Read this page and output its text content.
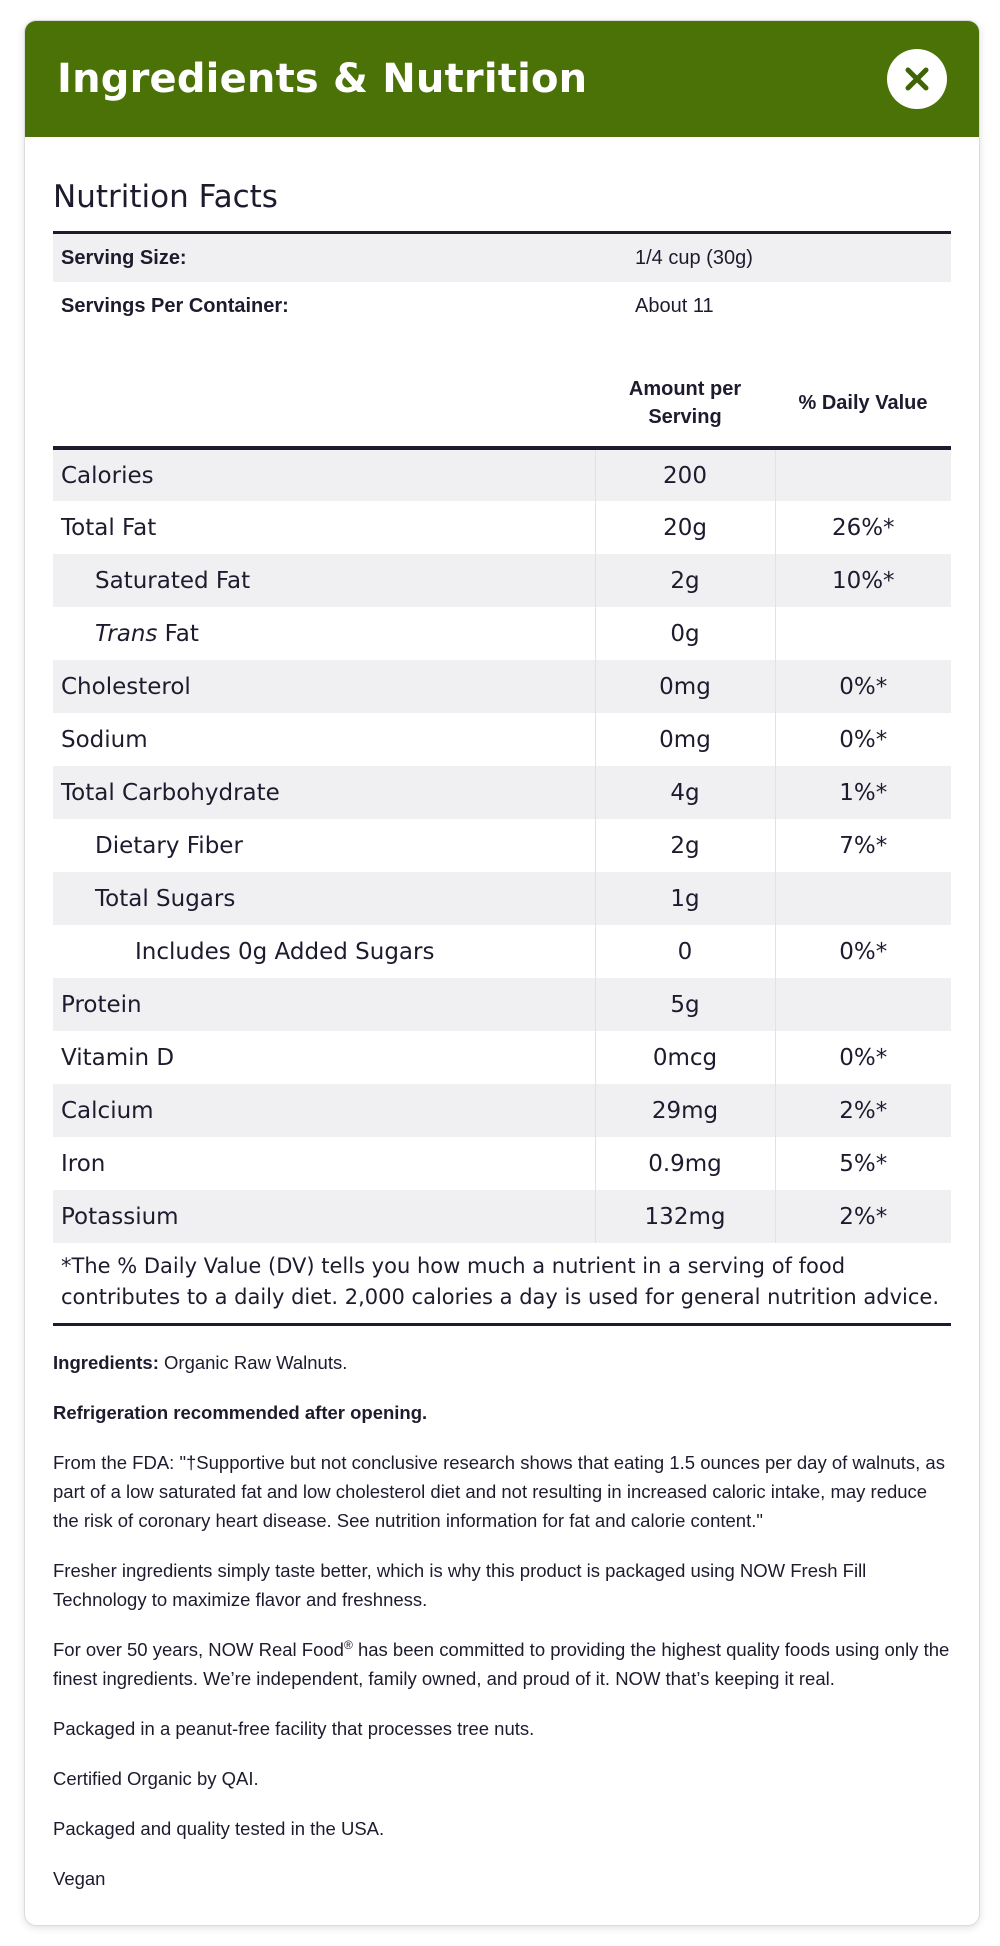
Ingredients & Nutrition
Nutrition Facts
Serving Size:	1/4 cup (30g)
Servings Per Container:	About 11
	Amount per Serving	% Daily Value
Calories	200	
Total Fat	20g	26%*
Saturated Fat	2g	10%*
Trans Fat	0g	
Cholesterol	0mg	0%*
Sodium	0mg	0%*
Total Carbohydrate	4g	1%*
Dietary Fiber	2g	7%*
Total Sugars	1g	
Includes 0g Added Sugars	0	0%*
Protein	5g	
Vitamin D	0mcg	0%*
Calcium	29mg	2%*
Iron	0.9mg	5%*
Potassium	132mg	2%*
*The % Daily Value (DV) tells you how much a nutrient in a serving of food contributes to a daily diet. 2,000 calories a day is used for general nutrition advice.		

Ingredients: Organic Raw Walnuts.

Refrigeration recommended after opening.

From the FDA: "†Supportive but not conclusive research shows that eating 1.5 ounces per day of walnuts, as part of a low saturated fat and low cholesterol diet and not resulting in increased caloric intake, may reduce the risk of coronary heart disease. See nutrition information for fat and calorie content."

Fresher ingredients simply taste better, which is why this product is packaged using NOW Fresh Fill Technology to maximize flavor and freshness.

For over 50 years, NOW Real Food® has been committed to providing the highest quality foods using only the finest ingredients. We’re independent, family owned, and proud of it. NOW that’s keeping it real.

Packaged in a peanut-free facility that processes tree nuts.

Certified Organic by QAI.

Packaged and quality tested in the USA.

Vegan
